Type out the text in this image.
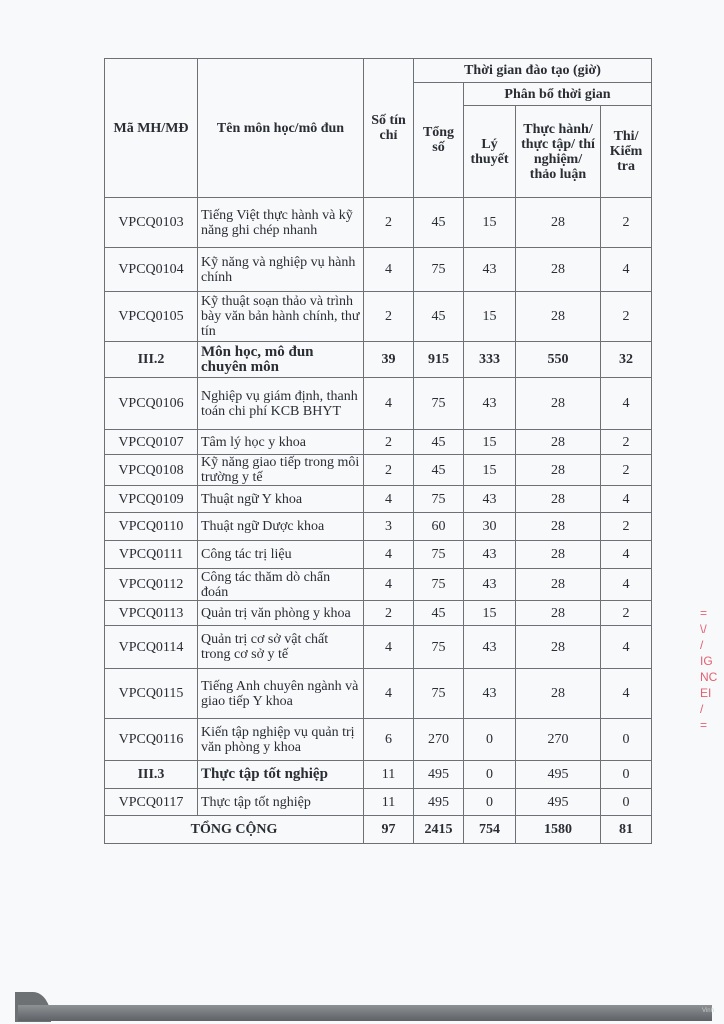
Mã MH/MĐ	Tên môn học/mô đun	Số tín chỉ	Thời gian đào tạo (giờ)			
			Tổng số	Phân bổ thời gian		
				Lý thuyết	Thực hành/ thực tập/ thí nghiệm/ thảo luận	Thi/ Kiểm tra
VPCQ0103	Tiếng Việt thực hành và kỹ năng ghi chép nhanh	2	45	15	28	2
VPCQ0104	Kỹ năng và nghiệp vụ hành chính	4	75	43	28	4
VPCQ0105	Kỹ thuật soạn thảo và trình bày văn bản hành chính, thư tín	2	45	15	28	2
III.2	Môn học, mô đun chuyên môn	39	915	333	550	32
VPCQ0106	Nghiệp vụ giám định, thanh toán chi phí KCB BHYT	4	75	43	28	4
VPCQ0107	Tâm lý học y khoa	2	45	15	28	2
VPCQ0108	Kỹ năng giao tiếp trong môi trường y tế	2	45	15	28	2
VPCQ0109	Thuật ngữ Y khoa	4	75	43	28	4
VPCQ0110	Thuật ngữ Dược khoa	3	60	30	28	2
VPCQ0111	Công tác trị liệu	4	75	43	28	4
VPCQ0112	Công tác thăm dò chẩn đoán	4	75	43	28	4
VPCQ0113	Quản trị văn phòng y khoa	2	45	15	28	2
VPCQ0114	Quản trị cơ sở vật chất trong cơ sở y tế	4	75	43	28	4
VPCQ0115	Tiếng Anh chuyên ngành và giao tiếp Y khoa	4	75	43	28	4
VPCQ0116	Kiến tập nghiệp vụ quản trị văn phòng y khoa	6	270	0	270	0
III.3	Thực tập tốt nghiệp	11	495	0	495	0
VPCQ0117	Thực tập tốt nghiệp	11	495	0	495	0
TỔNG CỘNG		97	2415	754	1580	81
=
\/
/
IG
NC
EI
/
=
Vinh
